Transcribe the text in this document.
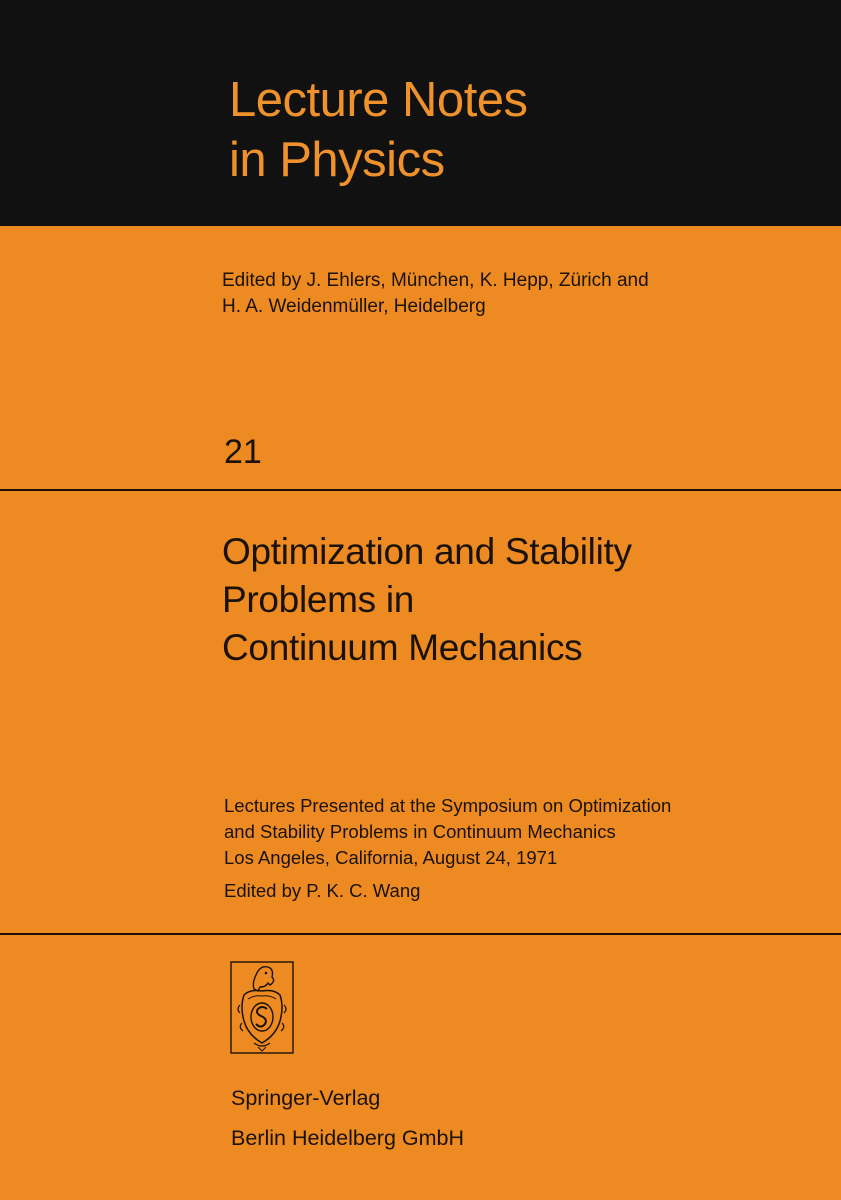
Lecture Notes
in Physics

Edited by J. Ehlers, München, K. Hepp, Zürich and
H. A. Weidenmüller, Heidelberg

21

Optimization and Stability
Problems in
Continuum Mechanics

Lectures Presented at the Symposium on Optimization
and Stability Problems in Continuum Mechanics
Los Angeles, California, August 24, 1971

Edited by P. K. C. Wang

Springer-Verlag
Berlin Heidelberg GmbH
